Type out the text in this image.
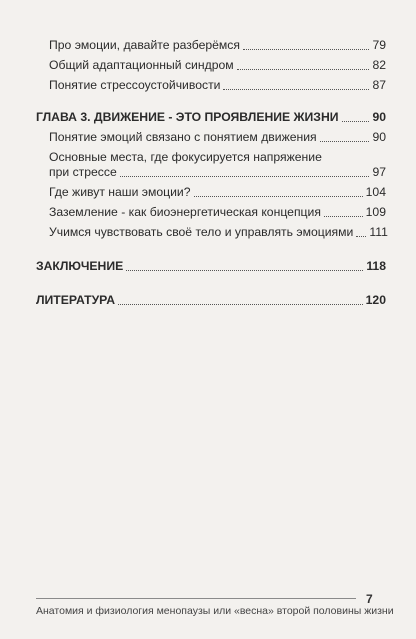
Про эмоции, давайте разберёмся	79
Общий адаптационный синдром	82
Понятие стрессоустойчивости	87
ГЛАВА 3. ДВИЖЕНИЕ - ЭТО ПРОЯВЛЕНИЕ ЖИЗНИ	90
Понятие эмоций связано с понятием движения	90
Основные места, где фокусируется напряжение
при стрессе	97
Где живут наши эмоции?	104
Заземление - как биоэнергетическая концепция	109
Учимся чувствовать своё тело и управлять эмоциями 111
ЗАКЛЮЧЕНИЕ	118
ЛИТЕРАТУРА	120
Анатомия и физиология менопаузы или «весна» второй половины жизни
7
